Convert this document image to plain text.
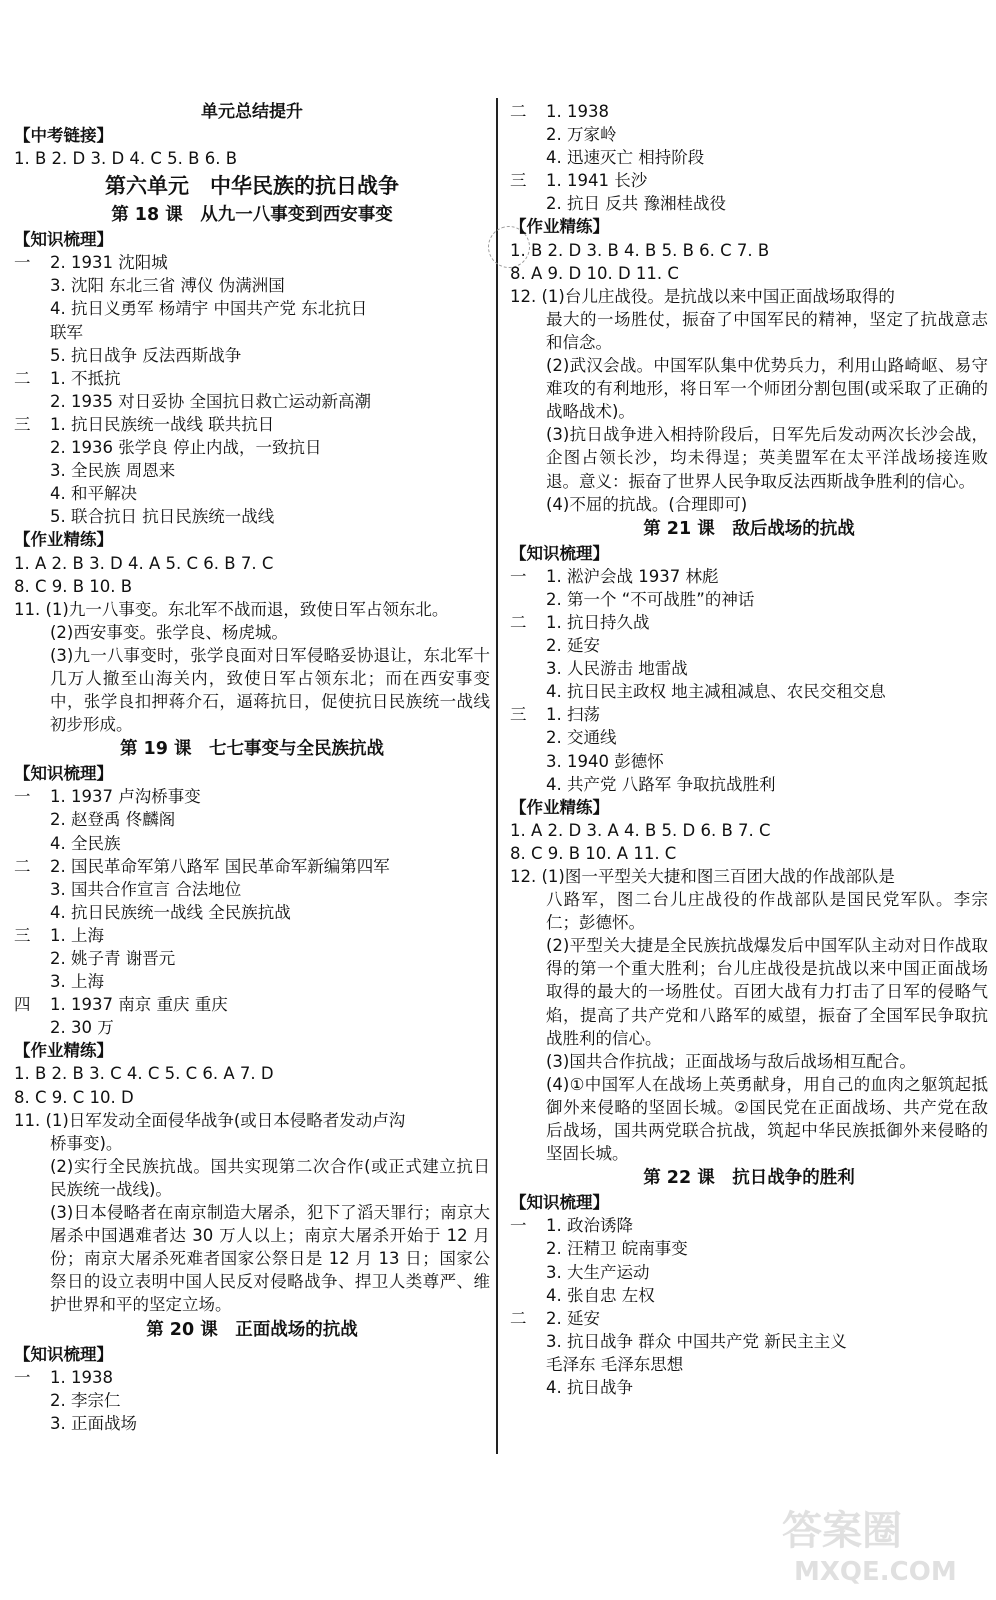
单元总结提升
【中考链接】
1. B 2. D 3. D 4. C 5. B 6. B
第六单元　中华民族的抗日战争
第 18 课　从九一八事变到西安事变
【知识梳理】
一 2. 1931 沈阳城
3. 沈阳 东北三省 溥仪 伪满洲国
4. 抗日义勇军 杨靖宇 中国共产党 东北抗日
联军
5. 抗日战争 反法西斯战争
二 1. 不抵抗
2. 1935 对日妥协 全国抗日救亡运动新高潮
三 1. 抗日民族统一战线 联共抗日
2. 1936 张学良 停止内战，一致抗日
3. 全民族 周恩来
4. 和平解决
5. 联合抗日 抗日民族统一战线
【作业精练】
1. A 2. B 3. D 4. A 5. C 6. B 7. C
8. C 9. B 10. B
11. (1)九一八事变。东北军不战而退，致使日军占领东北。
(2)西安事变。张学良、杨虎城。
(3)九一八事变时，张学良面对日军侵略妥协退让，东北军十几万人撤至山海关内，致使日军占领东北；而在西安事变中，张学良扣押蒋介石，逼蒋抗日，促使抗日民族统一战线初步形成。
第 19 课　七七事变与全民族抗战
【知识梳理】
一 1. 1937 卢沟桥事变
2. 赵登禹 佟麟阁
4. 全民族
二 2. 国民革命军第八路军 国民革命军新编第四军
3. 国共合作宣言 合法地位
4. 抗日民族统一战线 全民族抗战
三 1. 上海
2. 姚子青 谢晋元
3. 上海
四 1. 1937 南京 重庆 重庆
2. 30 万
【作业精练】
1. B 2. B 3. C 4. C 5. C 6. A 7. D
8. C 9. C 10. D
11. (1)日军发动全面侵华战争(或日本侵略者发动卢沟
桥事变)。
(2)实行全民族抗战。国共实现第二次合作(或正式建立抗日民族统一战线)。
(3)日本侵略者在南京制造大屠杀，犯下了滔天罪行；南京大屠杀中国遇难者达 30 万人以上；南京大屠杀开始于 12 月份；南京大屠杀死难者国家公祭日是 12 月 13 日；国家公祭日的设立表明中国人民反对侵略战争、捍卫人类尊严、维护世界和平的坚定立场。
第 20 课　正面战场的抗战
【知识梳理】
一 1. 1938
2. 李宗仁
3. 正面战场
二 1. 1938
2. 万家岭
4. 迅速灭亡 相持阶段
三 1. 1941 长沙
2. 抗日 反共 豫湘桂战役
【作业精练】
1. B 2. D 3. B 4. B 5. B 6. C 7. B
8. A 9. D 10. D 11. C
12. (1)台儿庄战役。是抗战以来中国正面战场取得的
最大的一场胜仗，振奋了中国军民的精神，坚定了抗战意志和信念。
(2)武汉会战。中国军队集中优势兵力，利用山路崎岖、易守难攻的有利地形，将日军一个师团分割包围(或采取了正确的战略战术)。
(3)抗日战争进入相持阶段后，日军先后发动两次长沙会战，企图占领长沙，均未得逞；英美盟军在太平洋战场接连败退。意义：振奋了世界人民争取反法西斯战争胜利的信心。
(4)不屈的抗战。(合理即可)
第 21 课　敌后战场的抗战
【知识梳理】
一 1. 淞沪会战 1937 林彪
2. 第一个 “不可战胜”的神话
二 1. 抗日持久战
2. 延安
3. 人民游击 地雷战
4. 抗日民主政权 地主减租减息、农民交租交息
三 1. 扫荡
2. 交通线
3. 1940 彭德怀
4. 共产党 八路军 争取抗战胜利
【作业精练】
1. A 2. D 3. A 4. B 5. D 6. B 7. C
8. C 9. B 10. A 11. C
12. (1)图一平型关大捷和图三百团大战的作战部队是
八路军，图二台儿庄战役的作战部队是国民党军队。李宗仁；彭德怀。
(2)平型关大捷是全民族抗战爆发后中国军队主动对日作战取得的第一个重大胜利；台儿庄战役是抗战以来中国正面战场取得的最大的一场胜仗。百团大战有力打击了日军的侵略气焰，提高了共产党和八路军的威望，振奋了全国军民争取抗战胜利的信心。
(3)国共合作抗战；正面战场与敌后战场相互配合。
(4)①中国军人在战场上英勇献身，用自己的血肉之躯筑起抵御外来侵略的坚固长城。②国民党在正面战场、共产党在敌后战场，国共两党联合抗战，筑起中华民族抵御外来侵略的坚固长城。
第 22 课　抗日战争的胜利
【知识梳理】
一 1. 政治诱降
2. 汪精卫 皖南事变
3. 大生产运动
4. 张自忠 左权
二 2. 延安
3. 抗日战争 群众 中国共产党 新民主主义
毛泽东 毛泽东思想
4. 抗日战争
答案圈
MXQE.COM
